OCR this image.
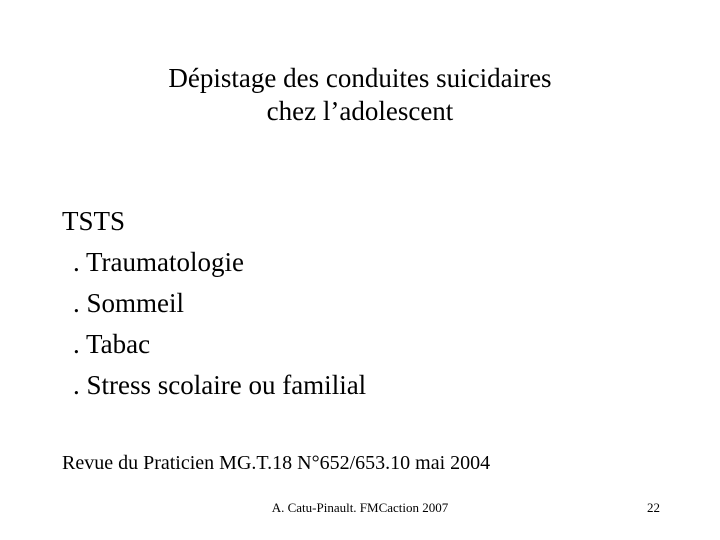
Dépistage des conduites suicidaires
chez l’adolescent
TSTS
. Traumatologie
. Sommeil
. Tabac
. Stress scolaire ou familial
Revue du Praticien MG.T.18 N°652/653.10 mai 2004
A. Catu-Pinault. FMCaction 2007	22
